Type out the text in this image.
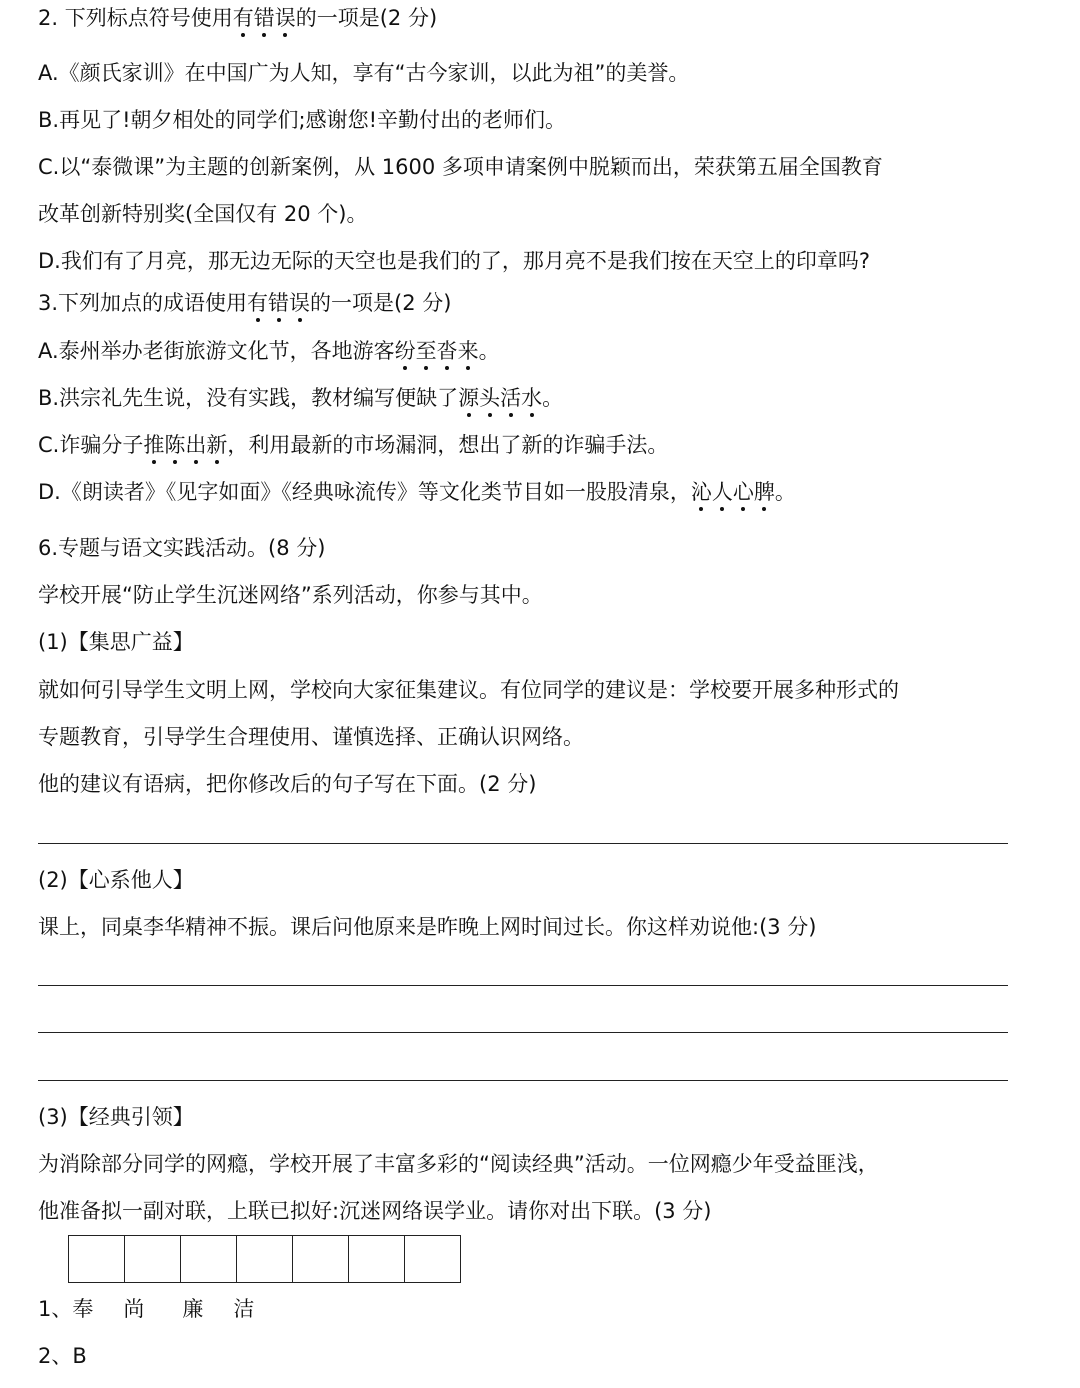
2. 下列标点符号使用有错误的一项是(2 分)
A.《颜氏家训》在中国广为人知，享有“古今家训，以此为祖”的美誉。
B.再见了!朝夕相处的同学们;感谢您!辛勤付出的老师们。
C.以“泰微课”为主题的创新案例，从 1600 多项申请案例中脱颖而出，荣获第五届全国教育
改革创新特别奖(全国仅有 20 个)。
D.我们有了月亮，那无边无际的天空也是我们的了，那月亮不是我们按在天空上的印章吗?
3.下列加点的成语使用有错误的一项是(2 分)
A.泰州举办老街旅游文化节，各地游客纷至沓来。
B.洪宗礼先生说，没有实践，教材编写便缺了源头活水。
C.诈骗分子推陈出新，利用最新的市场漏洞，想出了新的诈骗手法。
D.《朗读者》《见字如面》《经典咏流传》等文化类节目如一股股清泉，沁人心脾。
6.专题与语文实践活动。(8 分)
学校开展“防止学生沉迷网络”系列活动，你参与其中。
(1)【集思广益】
就如何引导学生文明上网，学校向大家征集建议。有位同学的建议是：学校要开展多种形式的
专题教育，引导学生合理使用、谨慎选择、正确认识网络。
他的建议有语病，把你修改后的句子写在下面。(2 分)
(2)【心系他人】
课上，同桌李华精神不振。课后问他原来是昨晚上网时间过长。你这样劝说他:(3 分)
(3)【经典引领】
为消除部分同学的网瘾，学校开展了丰富多彩的“阅读经典”活动。一位网瘾少年受益匪浅，
他准备拟一副对联，上联已拟好:沉迷网络误学业。请你对出下联。(3 分)
1、奉 尚 廉 洁
2、B
